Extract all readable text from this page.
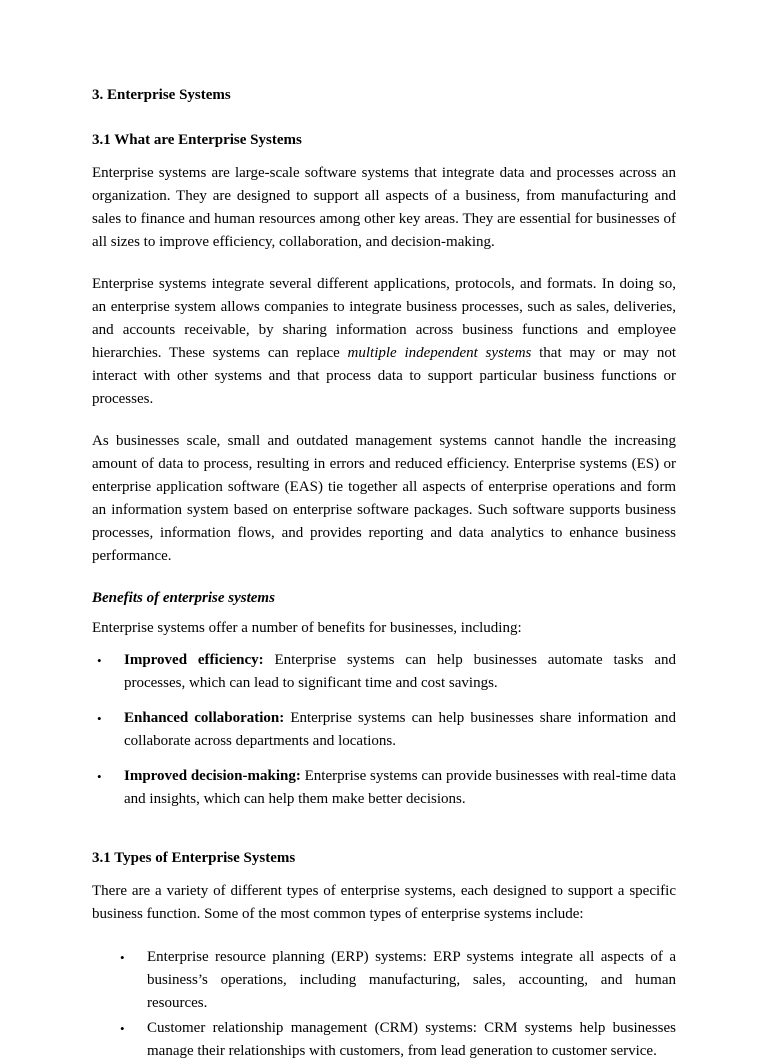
3. Enterprise Systems
3.1 What are Enterprise Systems

Enterprise systems are large-scale software systems that integrate data and processes across an organization. They are designed to support all aspects of a business, from manufacturing and sales to finance and human resources among other key areas. They are essential for businesses of all sizes to improve efficiency, collaboration, and decision-making.

Enterprise systems integrate several different applications, protocols, and formats. In doing so, an enterprise system allows companies to integrate business processes, such as sales, deliveries, and accounts receivable, by sharing information across business functions and employee hierarchies. These systems can replace multiple independent systems that may or may not interact with other systems and that process data to support particular business functions or processes.

As businesses scale, small and outdated management systems cannot handle the increasing amount of data to process, resulting in errors and reduced efficiency. Enterprise systems (ES) or enterprise application software (EAS) tie together all aspects of enterprise operations and form an information system based on enterprise software packages. Such software supports business processes, information flows, and provides reporting and data analytics to enhance business performance.

Benefits of enterprise systems

Enterprise systems offer a number of benefits for businesses, including:

• Improved efficiency: Enterprise systems can help businesses automate tasks and processes, which can lead to significant time and cost savings.
• Enhanced collaboration: Enterprise systems can help businesses share information and collaborate across departments and locations.
• Improved decision-making: Enterprise systems can provide businesses with real-time data and insights, which can help them make better decisions.
3.1 Types of Enterprise Systems

There are a variety of different types of enterprise systems, each designed to support a specific business function. Some of the most common types of enterprise systems include:

• Enterprise resource planning (ERP) systems: ERP systems integrate all aspects of a business’s operations, including manufacturing, sales, accounting, and human resources.
• Customer relationship management (CRM) systems: CRM systems help businesses manage their relationships with customers, from lead generation to customer service.
